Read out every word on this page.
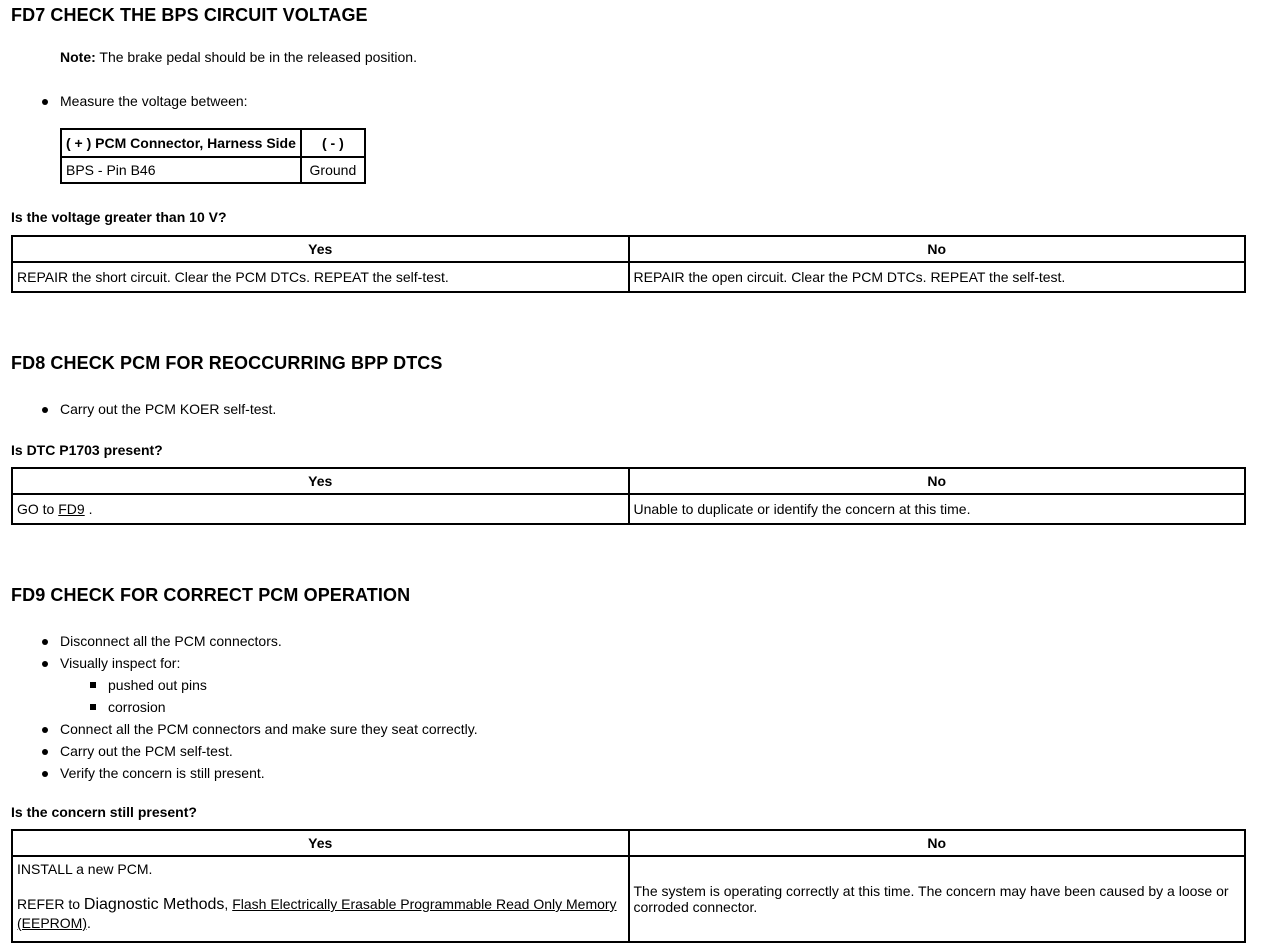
FD7 CHECK THE BPS CIRCUIT VOLTAGE
Note: The brake pedal should be in the released position.
Measure the voltage between:
( + ) PCM Connector, Harness Side	( - )
BPS - Pin B46	Ground
Is the voltage greater than 10 V?
Yes	No
REPAIR the short circuit. Clear the PCM DTCs. REPEAT the self-test.	REPAIR the open circuit. Clear the PCM DTCs. REPEAT the self-test.
FD8 CHECK PCM FOR REOCCURRING BPP DTCS
Carry out the PCM KOER self-test.
Is DTC P1703 present?
Yes	No
GO to FD9 .	Unable to duplicate or identify the concern at this time.
FD9 CHECK FOR CORRECT PCM OPERATION
Disconnect all the PCM connectors.
Visually inspect for:
pushed out pins
corrosion
Connect all the PCM connectors and make sure they seat correctly.
Carry out the PCM self-test.
Verify the concern is still present.
Is the concern still present?
Yes	No

INSTALL a new PCM.
REFER to Diagnostic Methods, Flash Electrically Erasable Programmable Read Only Memory (EEPROM).	The system is operating correctly at this time. The concern may have been caused by a loose or corroded connector.
